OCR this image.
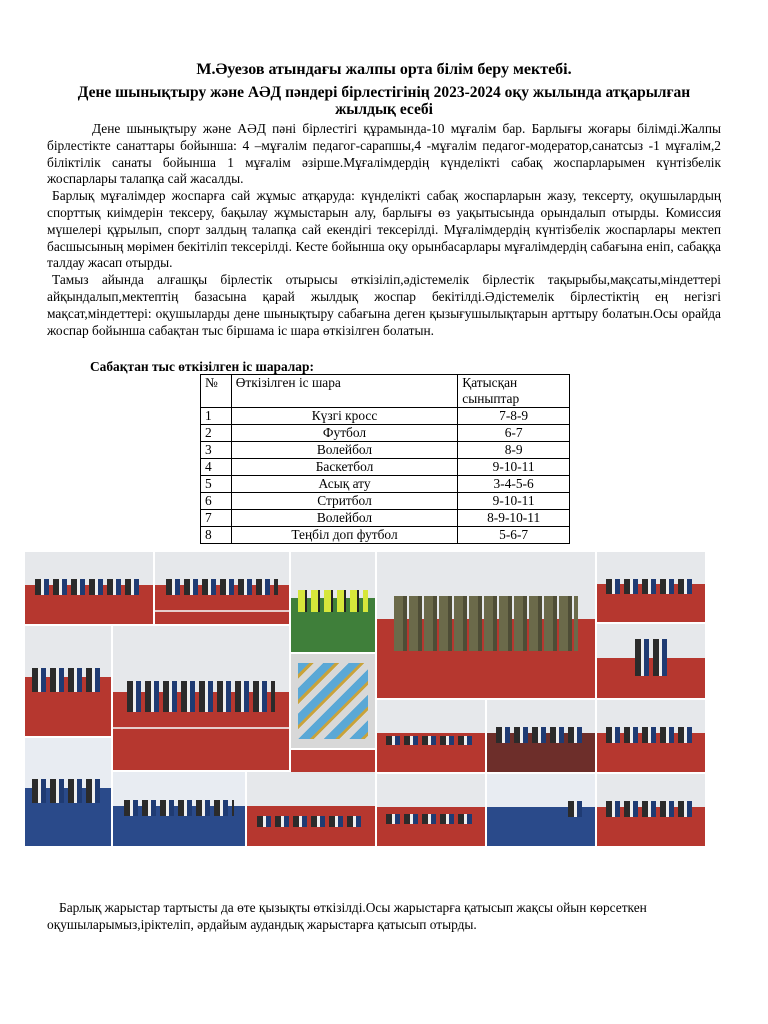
М.Әуезов атындағы жалпы орта білім беру мектебі.
Дене шынықтыру және АӘД пәндері бірлестігінің 2023-2024 оқу жылында атқарылған жылдық есебі

Дене шынықтыру және АӘД пәні бірлестігі құрамында-10 мұғалім бар. Барлығы жоғары білімді.Жалпы бірлестікте санаттары бойынша: 4 –мұғалім педагог-сарапшы,4 -мұғалім педагог-модератор,санатсыз -1 мұғалім,2 біліктілік санаты бойынша 1 мұғалім әзірше.Мұғалімдердің күнделікті сабақ жоспарларымен күнтізбелік жоспарлары талапқа сай жасалды.

Барлық мұғалімдер жоспарға сай жұмыс атқаруда: күнделікті сабақ жоспарларын жазу, тексерту, оқушылардың спорттық киімдерін тексеру, бақылау жұмыстарын алу, барлығы өз уақытысында орындалып отырды. Комиссия мүшелері құрылып, спорт залдың талапқа сай екендігі тексерілді. Мұғалімдердің күнтізбелік жоспарлары мектеп басшысының мөрімен бекітіліп тексерілді. Кесте бойынша оқу орынбасарлары мұғалімдердің сабағына еніп, сабаққа талдау жасап отырды.

Тамыз айында алғашқы бірлестік отырысы өткізіліп,әдістемелік бірлестік тақырыбы,мақсаты,міндеттері айқындалып,мектептің базасына қарай жылдық жоспар бекітілді.Әдістемелік бірлестіктің ең негізгі мақсат,міндеттері: оқушыларды дене шынықтыру сабағына деген қызығушылықтарын арттыру болатын.Осы орайда жоспар бойынша сабақтан тыс біршама іс шара өткізілген болатын.

Сабақтан тыс өткізілген іс шаралар:
№	Өткізілген іс шара	Қатысқан сыныптар
1	Күзгі кросс	7-8-9
2	Футбол	6-7
3	Волейбол	8-9
4	Баскетбол	9-10-11
5	Асық ату	3-4-5-6
6	Стритбол	9-10-11
7	Волейбол	8-9-10-11
8	Теңбіл доп футбол	5-6-7

Барлық жарыстар тартысты да өте қызықты өткізілді.Осы жарыстарға қатысып жақсы ойын көрсеткен оқушыларымыз,іріктеліп, әрдайым аудандық жарыстарға қатысып отырды.
